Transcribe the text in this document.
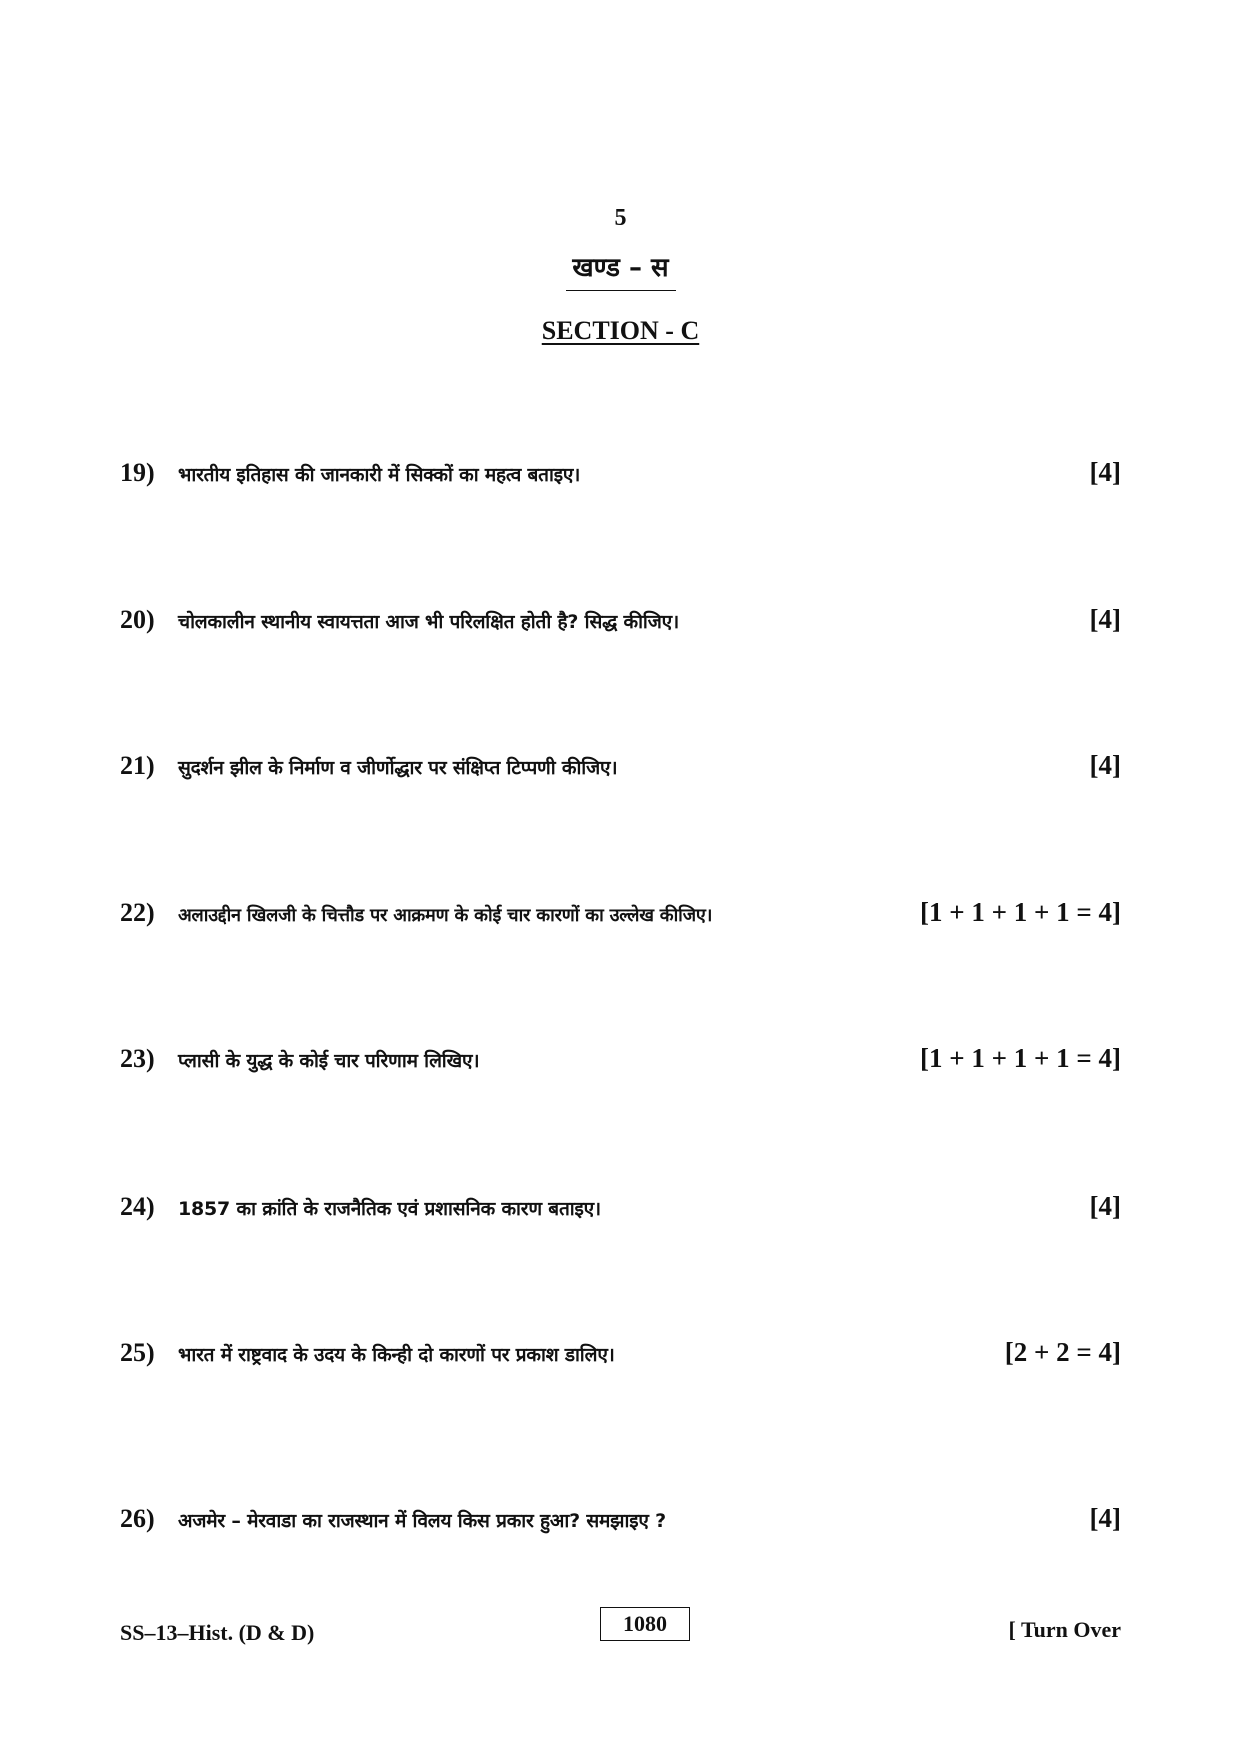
5
खण्ड – स
SECTION - C
19)	भारतीय इतिहास की जानकारी में सिक्कों का महत्व बताइए।	[4]
20)	चोलकालीन स्थानीय स्वायत्तता आज भी परिलक्षित होती है? सिद्ध कीजिए।	[4]
21)	सुदर्शन झील के निर्माण व जीर्णोद्धार पर संक्षिप्त टिप्पणी कीजिए।	[4]
22)	अलाउद्दीन खिलजी के चित्तौड पर आक्रमण के कोई चार कारणों का उल्लेख कीजिए।	[1 + 1 + 1 + 1 = 4]
23)	प्लासी के युद्ध के कोई चार परिणाम लिखिए।	[1 + 1 + 1 + 1 = 4]
24)	1857 का क्रांति के राजनैतिक एवं प्रशासनिक कारण बताइए।	[4]
25)	भारत में राष्ट्रवाद के उदय के किन्ही दो कारणों पर प्रकाश डालिए।	[2 + 2 = 4]
26)	अजमेर – मेरवाडा का राजस्थान में विलय किस प्रकार हुआ? समझाइए ?	[4]
SS–13–Hist. (D & D)	1080	[ Turn Over
